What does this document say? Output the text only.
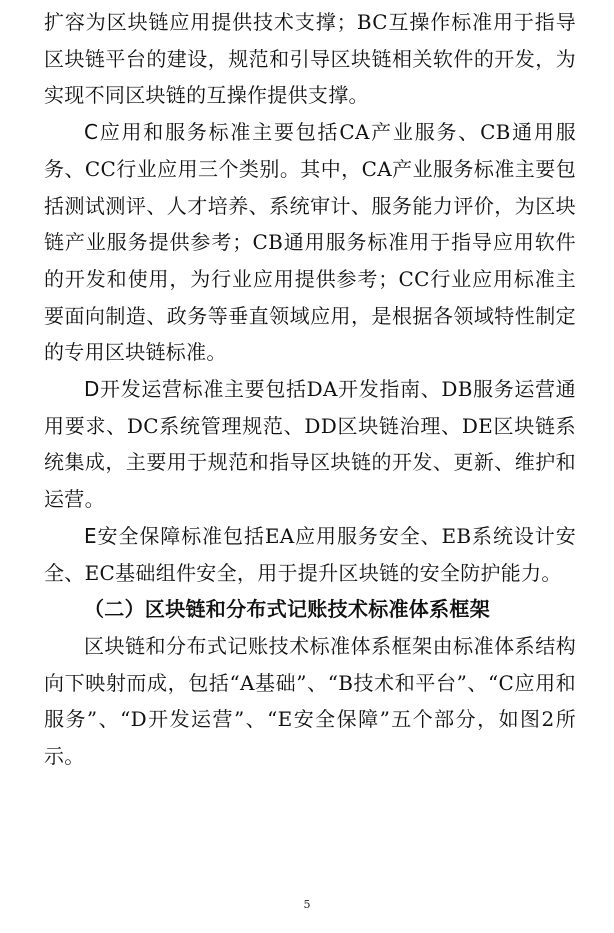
扩容为区块链应用提供技术支撑；BC互操作标准用于指导区块链平台的建设，规范和引导区块链相关软件的开发，为实现不同区块链的互操作提供支撑。

C应用和服务标准主要包括CA产业服务、CB通用服务、CC行业应用三个类别。其中，CA产业服务标准主要包括测试测评、人才培养、系统审计、服务能力评价，为区块链产业服务提供参考；CB通用服务标准用于指导应用软件的开发和使用，为行业应用提供参考；CC行业应用标准主要面向制造、政务等垂直领域应用，是根据各领域特性制定的专用区块链标准。

D开发运营标准主要包括DA开发指南、DB服务运营通用要求、DC系统管理规范、DD区块链治理、DE区块链系统集成，主要用于规范和指导区块链的开发、更新、维护和运营。

E安全保障标准包括EA应用服务安全、EB系统设计安全、EC基础组件安全，用于提升区块链的安全防护能力。

（二）区块链和分布式记账技术标准体系框架

区块链和分布式记账技术标准体系框架由标准体系结构向下映射而成，包括“A基础”、“B技术和平台”、“C应用和服务”、“D开发运营”、“E安全保障”五个部分，如图2所示。

5
